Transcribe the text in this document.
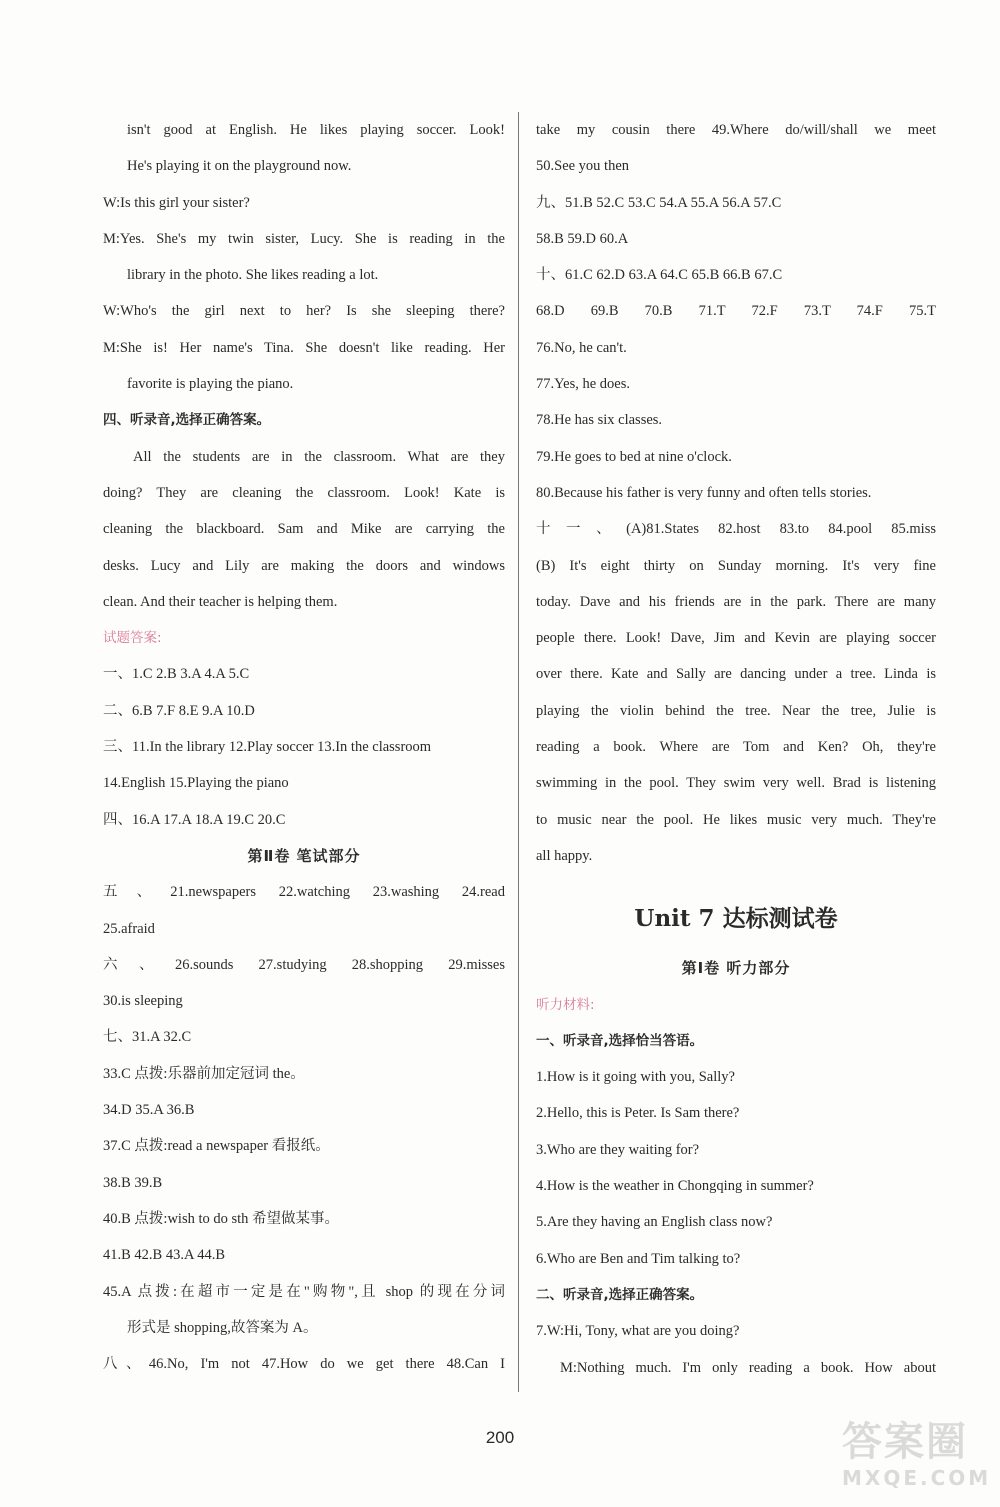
isn't good at English. He likes playing soccer. Look!
He's playing it on the playground now.
W:Is this girl your sister?
M:Yes. She's my twin sister, Lucy. She is reading in the
library in the photo. She likes reading a lot.
W:Who's the girl next to her? Is she sleeping there?
M:She is! Her name's Tina. She doesn't like reading. Her
favorite is playing the piano.
四、听录音,选择正确答案。
All the students are in the classroom. What are they
doing? They are cleaning the classroom. Look! Kate is
cleaning the blackboard. Sam and Mike are carrying the
desks. Lucy and Lily are making the doors and windows
clean. And their teacher is helping them.
试题答案:
一、1.C 2.B 3.A 4.A 5.C
二、6.B 7.F 8.E 9.A 10.D
三、11.In the library 12.Play soccer 13.In the classroom
14.English 15.Playing the piano
四、16.A 17.A 18.A 19.C 20.C
第Ⅱ卷 笔试部分
五、21.newspapers 22.watching 23.washing 24.read
25.afraid
六、26.sounds 27.studying 28.shopping 29.misses
30.is sleeping
七、31.A 32.C
33.C 点拨:乐器前加定冠词 the。
34.D 35.A 36.B
37.C 点拨:read a newspaper 看报纸。
38.B 39.B
40.B 点拨:wish to do sth 希望做某事。
41.B 42.B 43.A 44.B
45.A 点拨:在超市一定是在"购物",且 shop 的现在分词
形式是 shopping,故答案为 A。
八、46.No, I'm not 47.How do we get there 48.Can I
take my cousin there 49.Where do/will/shall we meet
50.See you then
九、51.B 52.C 53.C 54.A 55.A 56.A 57.C
58.B 59.D 60.A
十、61.C 62.D 63.A 64.C 65.B 66.B 67.C
68.D 69.B 70.B 71.T 72.F 73.T 74.F 75.T
76.No, he can't.
77.Yes, he does.
78.He has six classes.
79.He goes to bed at nine o'clock.
80.Because his father is very funny and often tells stories.
十一、(A)81.States 82.host 83.to 84.pool 85.miss
(B) It's eight thirty on Sunday morning. It's very fine
today. Dave and his friends are in the park. There are many
people there. Look! Dave, Jim and Kevin are playing soccer
over there. Kate and Sally are dancing under a tree. Linda is
playing the violin behind the tree. Near the tree, Julie is
reading a book. Where are Tom and Ken? Oh, they're
swimming in the pool. They swim very well. Brad is listening
to music near the pool. He likes music very much. They're
all happy.
Unit 7 达标测试卷
第Ⅰ卷 听力部分
听力材料:
一、听录音,选择恰当答语。
1.How is it going with you, Sally?
2.Hello, this is Peter. Is Sam there?
3.Who are they waiting for?
4.How is the weather in Chongqing in summer?
5.Are they having an English class now?
6.Who are Ben and Tim talking to?
二、听录音,选择正确答案。
7.W:Hi, Tony, what are you doing?
M:Nothing much. I'm only reading a book. How about
200	答案圈
MXQE.COM
